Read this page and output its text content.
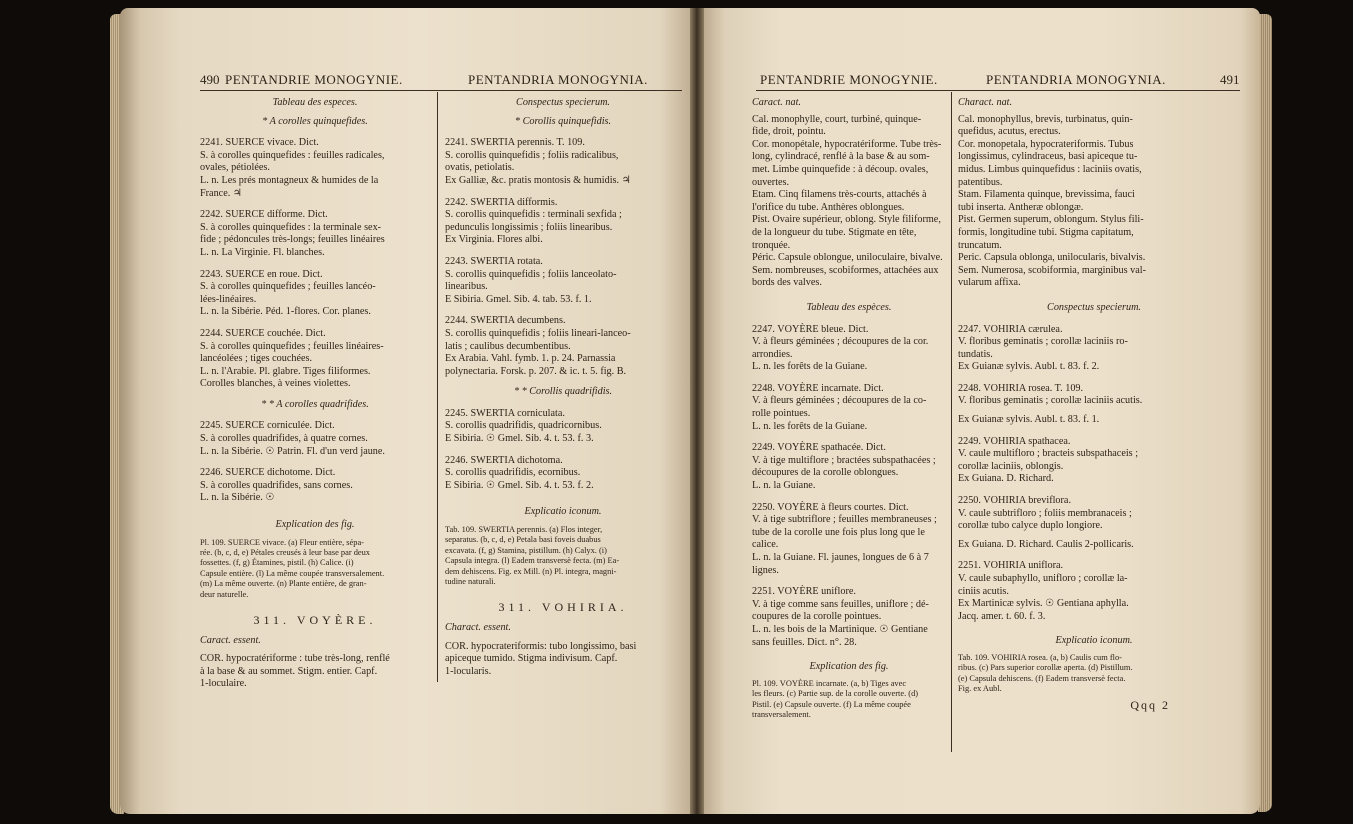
490 PENTANDRIE MONOGYNIE.	PENTANDRIA MONOGYNIA.	PENTANDRIE MONOGYNIE.	PENTANDRIA MONOGYNIA.	491

Tableau des especes.

* A corolles quinquefides.

2241. SUERCE vivace. Dict.

S. à corolles quinquefides : feuilles radicales,

ovales, pétiolées.

L. n. Les prés montagneux & humides de la

France. ♃

2242. SUERCE difforme. Dict.

S. à corolles quinquefides : la terminale sex-

fide ; pédoncules très-longs; feuilles linéaires

L. n. La Virginie. Fl. blanches.

2243. SUERCE en roue. Dict.

S. à corolles quinquefides ; feuilles lancéo-

lées-linéaires.

L. n. la Sibérie. Péd. 1-flores. Cor. planes.

2244. SUERCE couchée. Dict.

S. à corolles quinquefides ; feuilles linéaires-

lancéolées ; tiges couchées.

L. n. l'Arabie. Pl. glabre. Tiges filiformes.

Corolles blanches, à veines violettes.

* * A corolles quadrifides.

2245. SUERCE corniculée. Dict.

S. à corolles quadrifides, à quatre cornes.

L. n. la Sibérie. ☉ Patrin. Fl. d'un verd jaune.

2246. SUERCE dichotome. Dict.

S. à corolles quadrifides, sans cornes.

L. n. la Sibérie. ☉

Explication des fig.

Pl. 109. SUERCE vivace. (a) Fleur entière, sépa-

rée. (b, c, d, e) Pétales creusés à leur base par deux

fossettes. (f, g) Étamines, pistil. (h) Calice. (i)

Capsule entière. (l) La même coupée transversalement.

(m) La même ouverte. (n) Plante entière, de gran-

deur naturelle.

311. VOYÈRE.

Caract. essent.

COR. hypocratériforme : tube très-long, renflé

à la base & au sommet. Stigm. entier. Capf.

1-loculaire.

Conspectus specierum.

* Corollis quinquefidis.

2241. SWERTIA perennis. T. 109.

S. corollis quinquefidis ; foliis radicalibus,

ovatis, petiolatis.

Ex Galliæ, &c. pratis montosis & humidis. ♃

2242. SWERTIA difformis.

S. corollis quinquefidis : terminali sexfida ;

pedunculis longissimis ; foliis linearibus.

Ex Virginia. Flores albi.

2243. SWERTIA rotata.

S. corollis quinquefidis ; foliis lanceolato-

linearibus.

E Sibiria. Gmel. Sib. 4. tab. 53. f. 1.

2244. SWERTIA decumbens.

S. corollis quinquefidis ; foliis lineari-lanceo-

latis ; caulibus decumbentibus.

Ex Arabia. Vahl. fymb. 1. p. 24. Parnassia

polynectaria. Forsk. p. 207. & ic. t. 5. fig. B.

* * Corollis quadrifidis.

2245. SWERTIA corniculata.

S. corollis quadrifidis, quadricornibus.

E Sibiria. ☉ Gmel. Sib. 4. t. 53. f. 3.

2246. SWERTIA dichotoma.

S. corollis quadrifidis, ecornibus.

E Sibiria. ☉ Gmel. Sib. 4. t. 53. f. 2.

Explicatio iconum.

Tab. 109. SWERTIA perennis. (a) Flos integer,

separatus. (b, c, d, e) Petala basi foveis duabus

excavata. (f, g) Stamina, pistillum. (h) Calyx. (i)

Capsula integra. (l) Eadem transversè fecta. (m) Ea-

dem dehiscens. Fig. ex Mill. (n) Pl. integra, magni-

tudine naturali.

311. VOHIRIA.

Charact. essent.

COR. hypocrateriformis: tubo longissimo, basi

apiceque tumido. Stigma indivisum. Capf.

1-locularis.

Caract. nat.

Cal. monophylle, court, turbiné, quinque-

fide, droit, pointu.

Cor. monopétale, hypocratériforme. Tube très-

long, cylindracé, renflé à la base & au som-

met. Limbe quinquefide : à découp. ovales,

ouvertes.

Etam. Cinq filamens très-courts, attachés à

l'orifice du tube. Anthères oblongues.

Pist. Ovaire supérieur, oblong. Style filiforme,

de la longueur du tube. Stigmate en tête,

tronquée.

Péric. Capsule oblongue, uniloculaire, bivalve.

Sem. nombreuses, scobiformes, attachées aux

bords des valves.

Tableau des espèces.

2247. VOYÈRE bleue. Dict.

V. à fleurs géminées ; découpures de la cor.

arrondies.

L. n. les forêts de la Guiane.

2248. VOYÈRE incarnate. Dict.

V. à fleurs géminées ; découpures de la co-

rolle pointues.

L. n. les forêts de la Guiane.

2249. VOYÈRE spathacée. Dict.

V. à tige multiflore ; bractées subspathacées ;

découpures de la corolle oblongues.

L. n. la Guiane.

2250. VOYÈRE à fleurs courtes. Dict.

V. à tige subtriflore ; feuilles membraneuses ;

tube de la corolle une fois plus long que le

calice.

L. n. la Guiane. Fl. jaunes, longues de 6 à 7

lignes.

2251. VOYÈRE uniflore.

V. à tige comme sans feuilles, uniflore ; dé-

coupures de la corolle pointues.

L. n. les bois de la Martinique. ☉ Gentiane

sans feuilles. Dict. n°. 28.

Explication des fig.

Pl. 109. VOYÈRE incarnate. (a, b) Tiges avec

les fleurs. (c) Partie sup. de la corolle ouverte. (d)

Pistil. (e) Capsule ouverte. (f) La même coupée

transversalement.

Charact. nat.

Cal. monophyllus, brevis, turbinatus, quin-

quefidus, acutus, erectus.

Cor. monopetala, hypocrateriformis. Tubus

longissimus, cylindraceus, basi apiceque tu-

midus. Limbus quinquefidus : laciniis ovatis,

patentibus.

Stam. Filamenta quinque, brevissima, fauci

tubi inserta. Antheræ oblongæ.

Pist. Germen superum, oblongum. Stylus fili-

formis, longitudine tubi. Stigma capitatum,

truncatum.

Peric. Capsula oblonga, unilocularis, bivalvis.

Sem. Numerosa, scobiformia, marginibus val-

vularum affixa.

Conspectus specierum.

2247. VOHIRIA cærulea.

V. floribus geminatis ; corollæ laciniis ro-

tundatis.

Ex Guianæ sylvis. Aubl. t. 83. f. 2.

2248. VOHIRIA rosea. T. 109.

V. floribus geminatis ; corollæ laciniis acutis.

Ex Guianæ sylvis. Aubl. t. 83. f. 1.

2249. VOHIRIA spathacea.

V. caule multifloro ; bracteis subspathaceis ;

corollæ laciniis, oblongis.

Ex Guiana. D. Richard.

2250. VOHIRIA breviflora.

V. caule subtrifloro ; foliis membranaceis ;

corollæ tubo calyce duplo longiore.

Ex Guiana. D. Richard. Caulis 2-pollicaris.

2251. VOHIRIA uniflora.

V. caule subaphyllo, unifloro ; corollæ la-

ciniis acutis.

Ex Martinicæ sylvis. ☉ Gentiana aphylla.

Jacq. amer. t. 60. f. 3.

Explicatio iconum.

Tab. 109. VOHIRIA rosea. (a, b) Caulis cum flo-

ribus. (c) Pars superior corollæ aperta. (d) Pistillum.

(e) Capsula dehiscens. (f) Eadem transversè fecta.

Fig. ex Aubl.

Qqq 2
